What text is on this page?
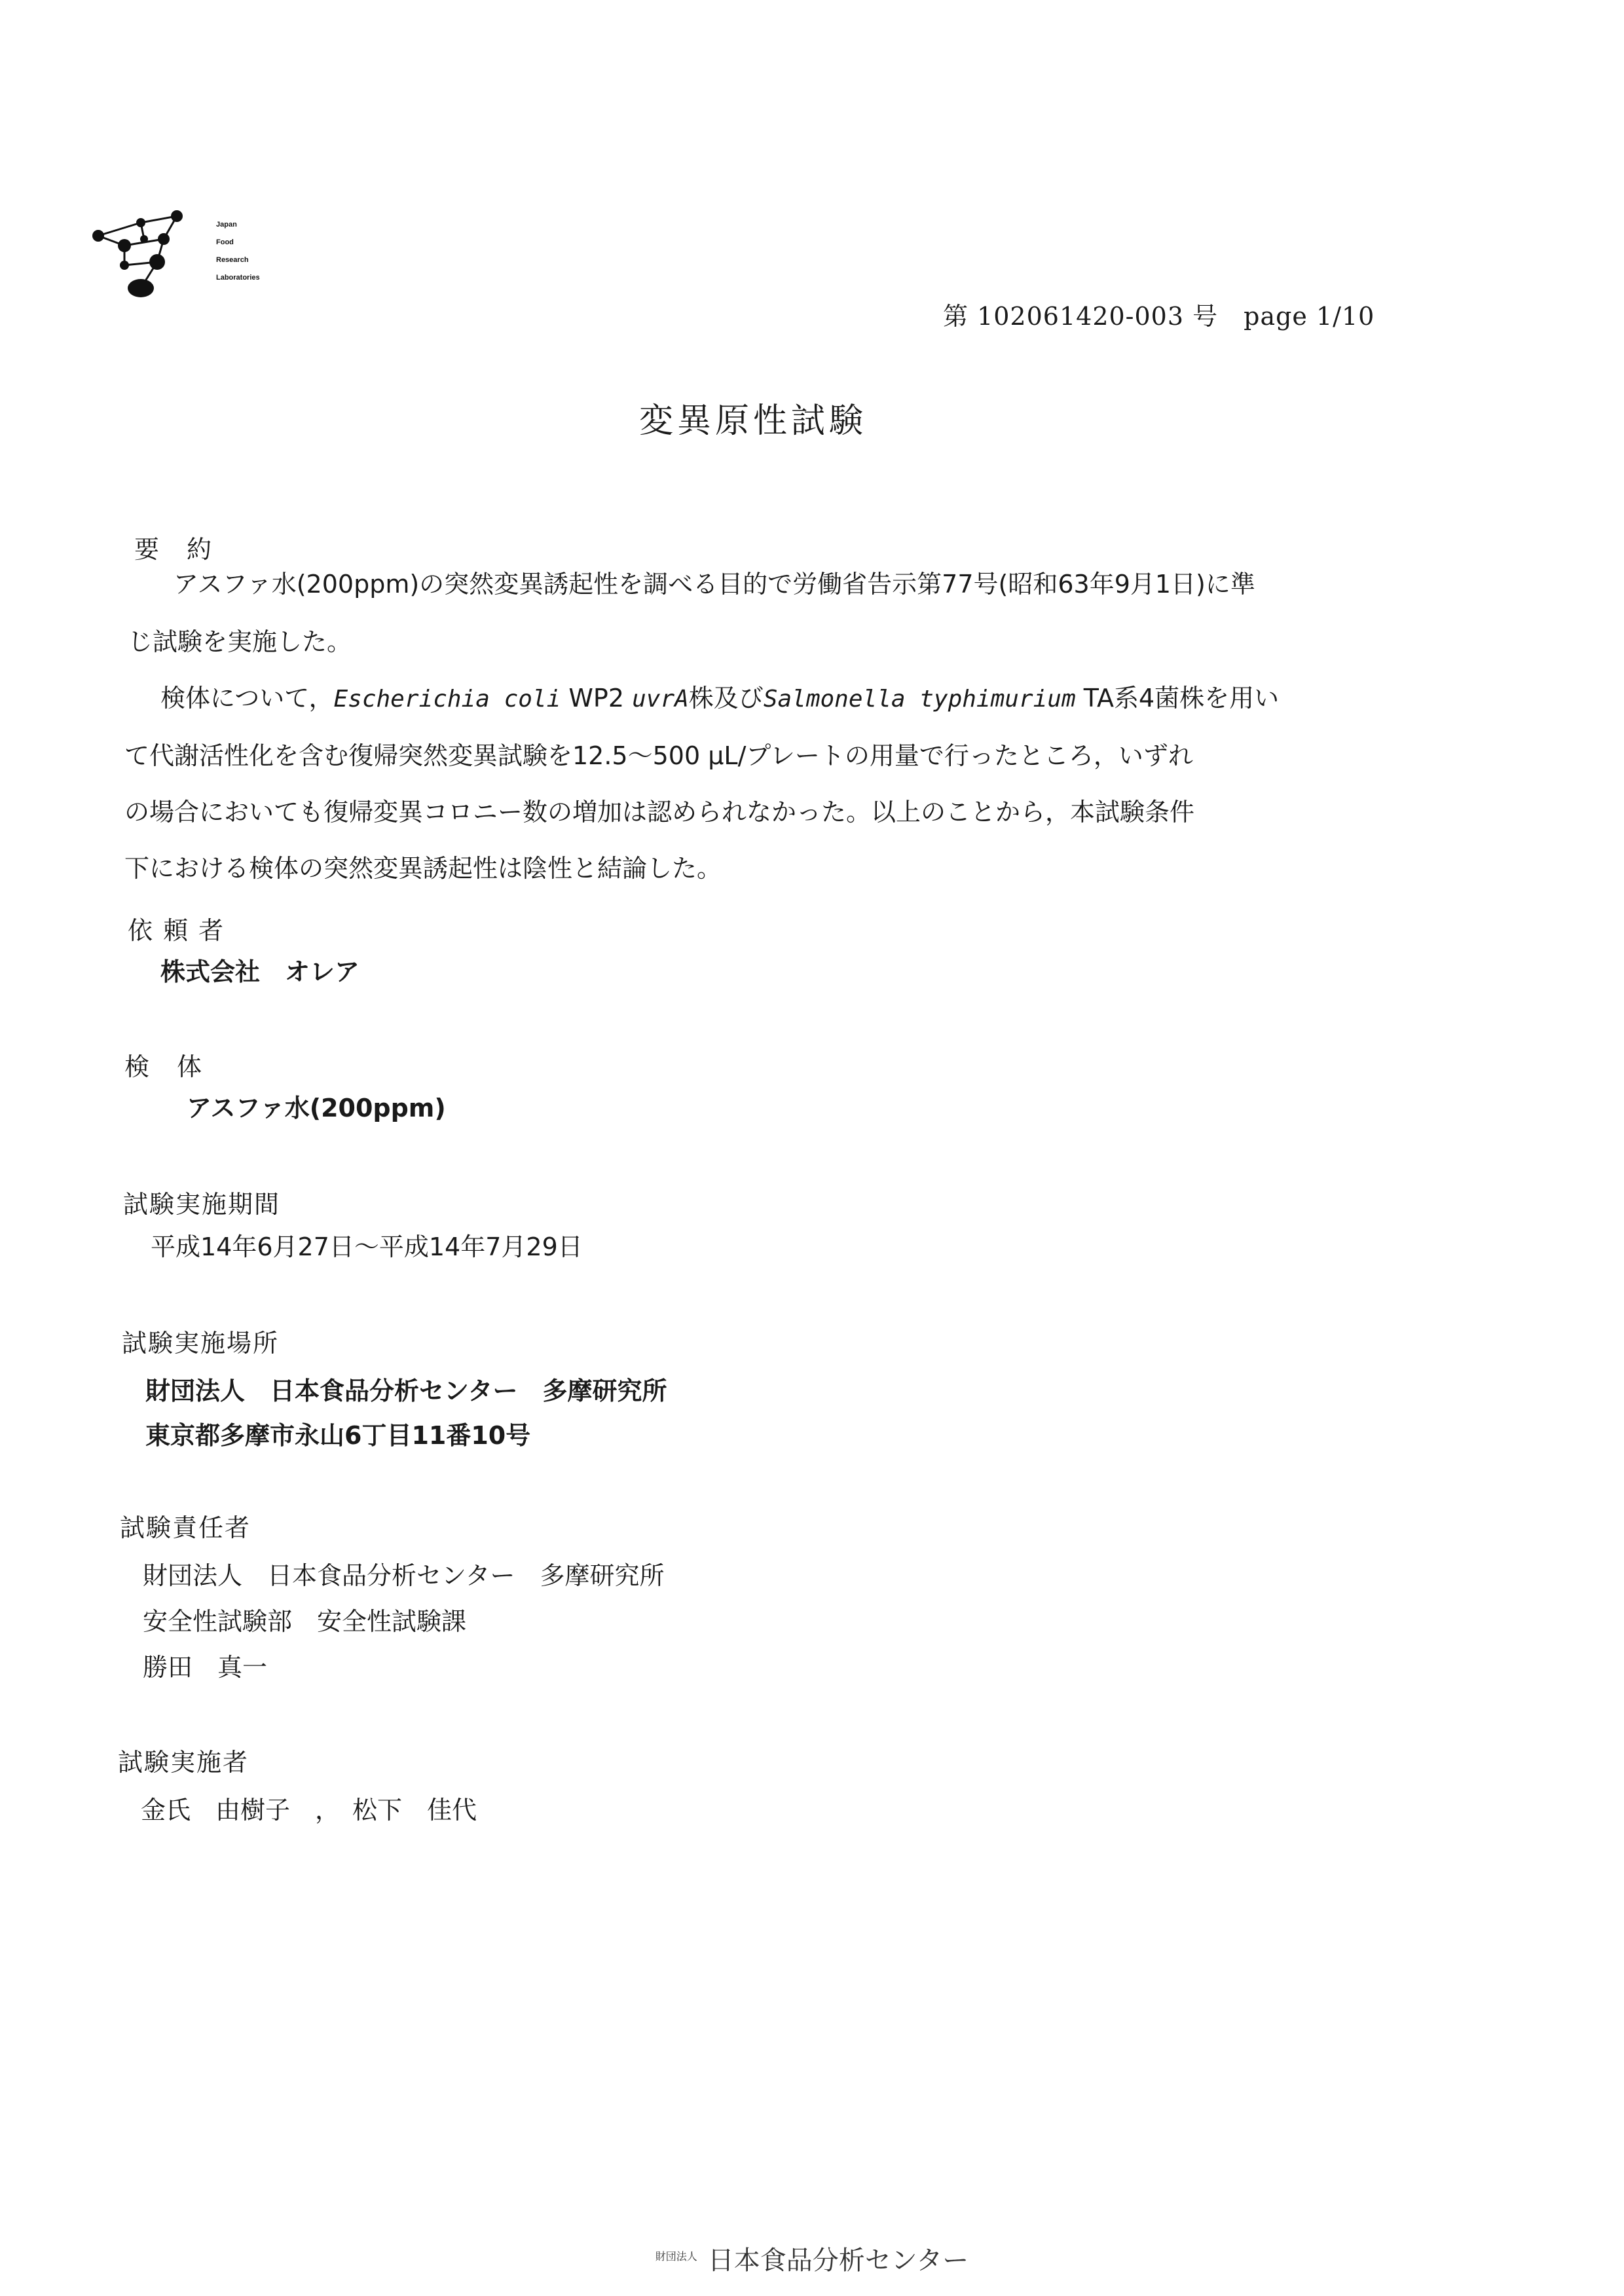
Japan
Food
Research
Laboratories
第 102061420-003 号　page 1/10
変異原性試験
要　約
アスファ水(200ppm)の突然変異誘起性を調べる目的で労働省告示第77号(昭和63年9月1日)に準
じ試験を実施した。
検体について，Escherichia coli WP2 uvrA株及びSalmonella typhimurium TA系4菌株を用い
て代謝活性化を含む復帰突然変異試験を12.5～500 μL/プレートの用量で行ったところ，いずれ
の場合においても復帰変異コロニー数の増加は認められなかった。以上のことから，本試験条件
下における検体の突然変異誘起性は陰性と結論した。
依 頼 者
株式会社　オレア
検　体
アスファ水(200ppm)
試験実施期間
平成14年6月27日～平成14年7月29日
試験実施場所
財団法人　日本食品分析センター　多摩研究所
東京都多摩市永山6丁目11番10号
試験責任者
財団法人　日本食品分析センター　多摩研究所
安全性試験部　安全性試験課
勝田　真一
試験実施者
金氏　由樹子　，　松下　佳代
$^{財団法人}$ 日本食品分析センター
